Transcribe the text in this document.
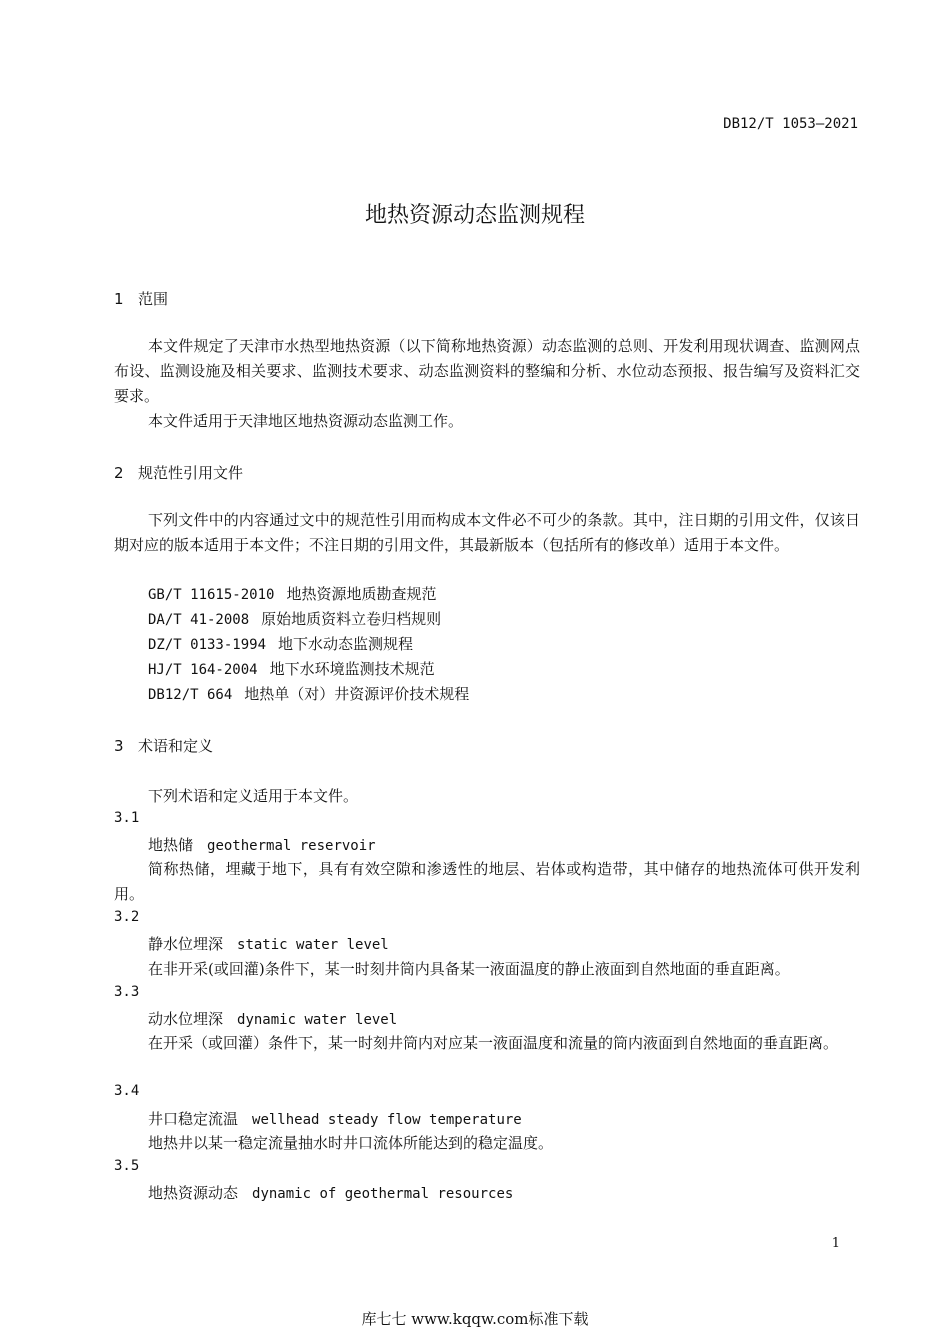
DB12/T 1053—2021
地热资源动态监测规程
1 范围
本文件规定了天津市水热型地热资源（以下简称地热资源）动态监测的总则、开发利用现状调查、监测网点布设、监测设施及相关要求、监测技术要求、动态监测资料的整编和分析、水位动态预报、报告编写及资料汇交要求。
本文件适用于天津地区地热资源动态监测工作。
2 规范性引用文件
下列文件中的内容通过文中的规范性引用而构成本文件必不可少的条款。其中，注日期的引用文件，仅该日期对应的版本适用于本文件；不注日期的引用文件，其最新版本（包括所有的修改单）适用于本文件。
GB/T 11615-2010 地热资源地质勘查规范
DA/T 41-2008 原始地质资料立卷归档规则
DZ/T 0133-1994 地下水动态监测规程
HJ/T 164-2004 地下水环境监测技术规范
DB12/T 664 地热单（对）井资源评价技术规程
3 术语和定义
下列术语和定义适用于本文件。
3.1
地热储 geothermal reservoir
简称热储，埋藏于地下，具有有效空隙和渗透性的地层、岩体或构造带，其中储存的地热流体可供开发利用。
3.2
静水位埋深 static water level
在非开采(或回灌)条件下，某一时刻井筒内具备某一液面温度的静止液面到自然地面的垂直距离。
3.3
动水位埋深 dynamic water level
在开采（或回灌）条件下，某一时刻井筒内对应某一液面温度和流量的筒内液面到自然地面的垂直距离。
3.4
井口稳定流温 wellhead steady flow temperature
地热井以某一稳定流量抽水时井口流体所能达到的稳定温度。
3.5
地热资源动态 dynamic of geothermal resources
1
库七七 www.kqqw.com标准下载
